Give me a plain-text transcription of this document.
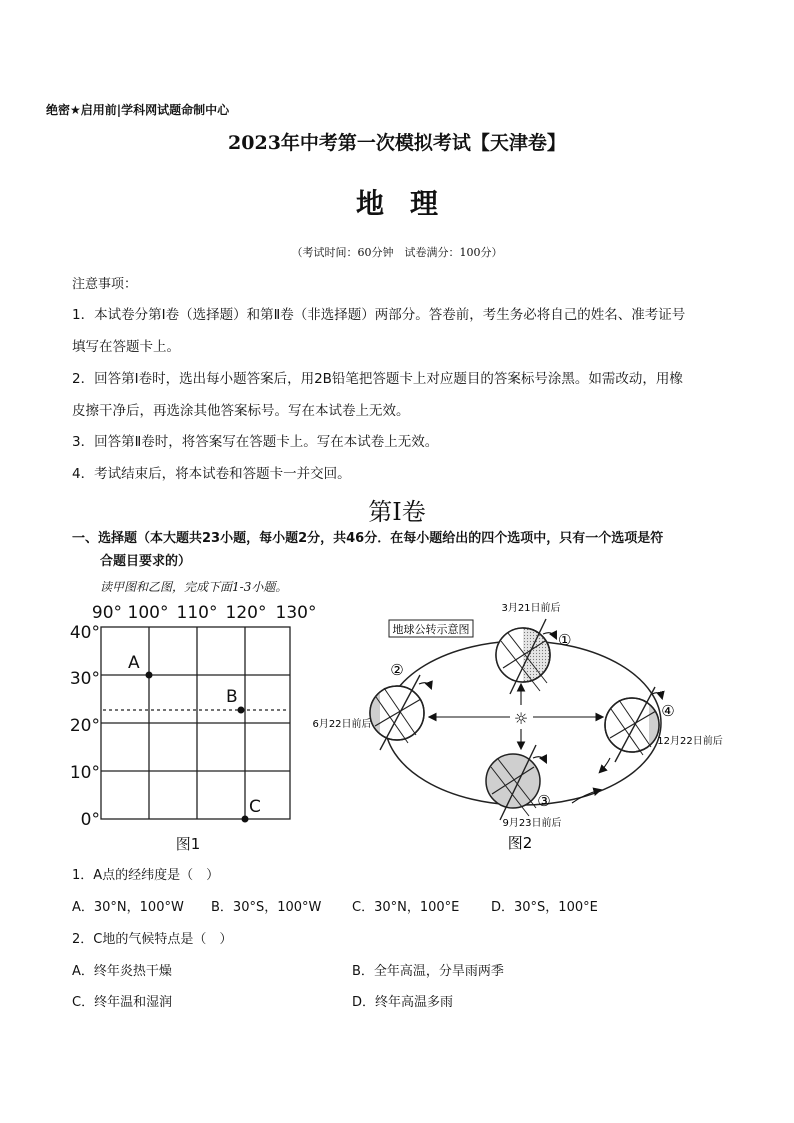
绝密★启用前|学科网试题命制中心
2023年中考第一次模拟考试【天津卷】
地理
（考试时间：60分钟　试卷满分：100分）
注意事项：
1．本试卷分第Ⅰ卷（选择题）和第Ⅱ卷（非选择题）两部分。答卷前，考生务必将自己的姓名、准考证号
填写在答题卡上。
2．回答第Ⅰ卷时，选出每小题答案后，用2B铅笔把答题卡上对应题目的答案标号涂黑。如需改动，用橡
皮擦干净后，再选涂其他答案标号。写在本试卷上无效。
3．回答第Ⅱ卷时，将答案写在答题卡上。写在本试卷上无效。
4．考试结束后，将本试卷和答题卡一并交回。
第Ⅰ卷
一、选择题（本大题共23小题，每小题2分，共46分．在每小题给出的四个选项中，只有一个选项是符
合题目要求的）
读甲图和乙图，完成下面1-3小题。
90° 100° 110° 120° 130°
40°
30°
20°
10°
0°
A
B
C
图1
地球公转示意图
☼
3月21日前后
①
②
6月22日前后
③
9月23日前后
④
12月22日前后
图2
1．A点的经纬度是（　）
A．30°N，100°W B．30°S，100°W C．30°N，100°E D．30°S，100°E
2．C地的气候特点是（　）
A．终年炎热干燥	B．全年高温，分旱雨两季
C．终年温和湿润	D．终年高温多雨
